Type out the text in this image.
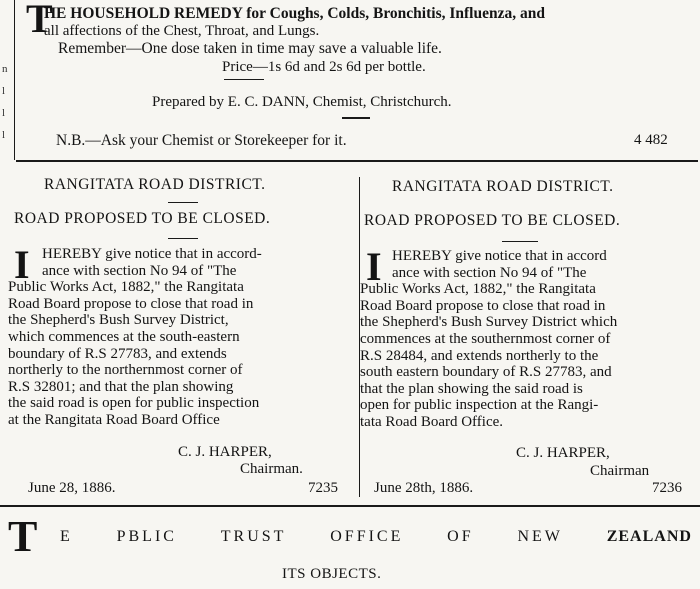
n
l
l
l
T
HE HOUSEHOLD REMEDY for Coughs, Colds, Bronchitis, Influenza, and
all affections of the Chest, Throat, and Lungs.
Remember—One dose taken in time may save a valuable life.
Price—1s 6d and 2s 6d per bottle.
Prepared by E. C. DANN, Chemist, Christchurch.
N.B.—Ask your Chemist or Storekeeper for it.	4 482
RANGITATA ROAD DISTRICT.
ROAD PROPOSED TO BE CLOSED.
I HEREBY give notice that in accord-
ance with section No 94 of "The
Public Works Act, 1882," the Rangitata
Road Board propose to close that road in
the Shepherd's Bush Survey District,
which commences at the south-eastern
boundary of R.S 27783, and extends
northerly to the northernmost corner of
R.S 32801; and that the plan showing
the said road is open for public inspection
at the Rangitata Road Board Office
C. J. HARPER,
Chairman.
June 28, 1886.	7235
RANGITATA ROAD DISTRICT.
ROAD PROPOSED TO BE CLOSED.
I HEREBY give notice that in accord
ance with section No 94 of "The
Public Works Act, 1882," the Rangitata
Road Board propose to close that road in
the Shepherd's Bush Survey District which
commences at the southernmost corner of
R.S 28484, and extends northerly to the
south eastern boundary of R.S 27783, and
that the plan showing the said road is
open for public inspection at the Rangi-
tata Road Board Office.
C. J. HARPER,
Chairman
June 28th, 1886.	7236
T E	PBLIC	TRUST	OFFICE	OF	NEW	ZEALAND
ITS OBJECTS.
